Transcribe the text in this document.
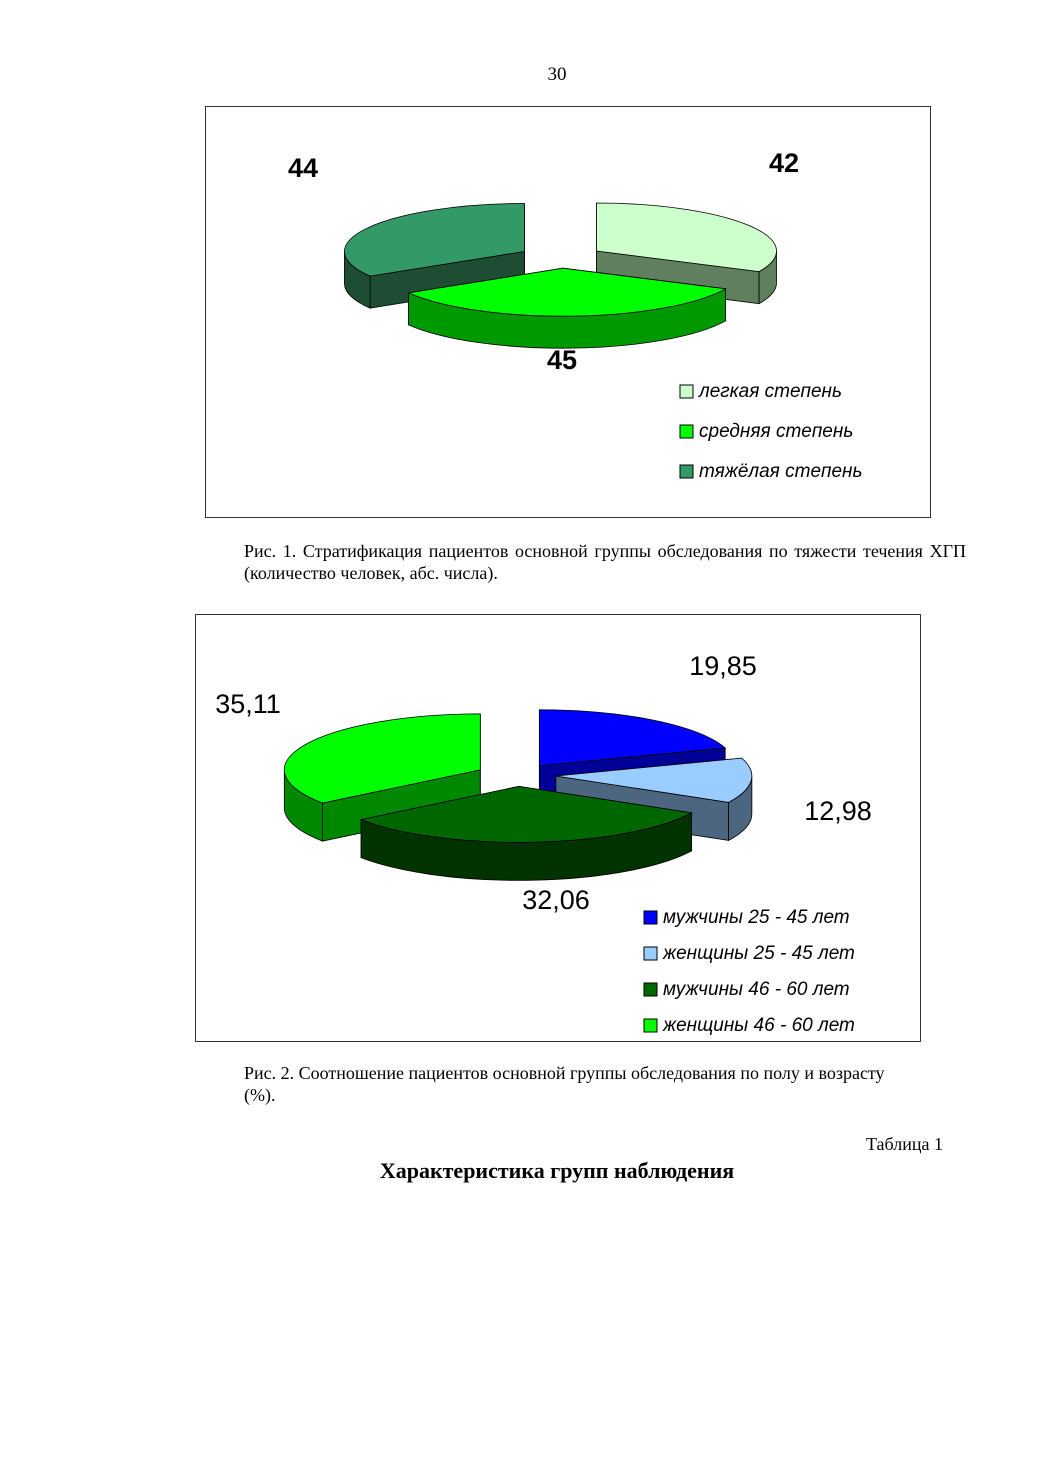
30
42
45
44
легкая степень
средняя степень
тяжёлая степень
Рис. 1. Стратификация пациентов основной группы обследования по тяжести течения ХГП (количество человек, абс. числа).
19,85
12,98
32,06
35,11
мужчины 25 - 45 лет
женщины 25 - 45 лет
мужчины 46 - 60 лет
женщины 46 - 60 лет
Рис. 2. Соотношение пациентов основной группы обследования по полу и возрасту (%).
Таблица 1
Характеристика групп наблюдения
